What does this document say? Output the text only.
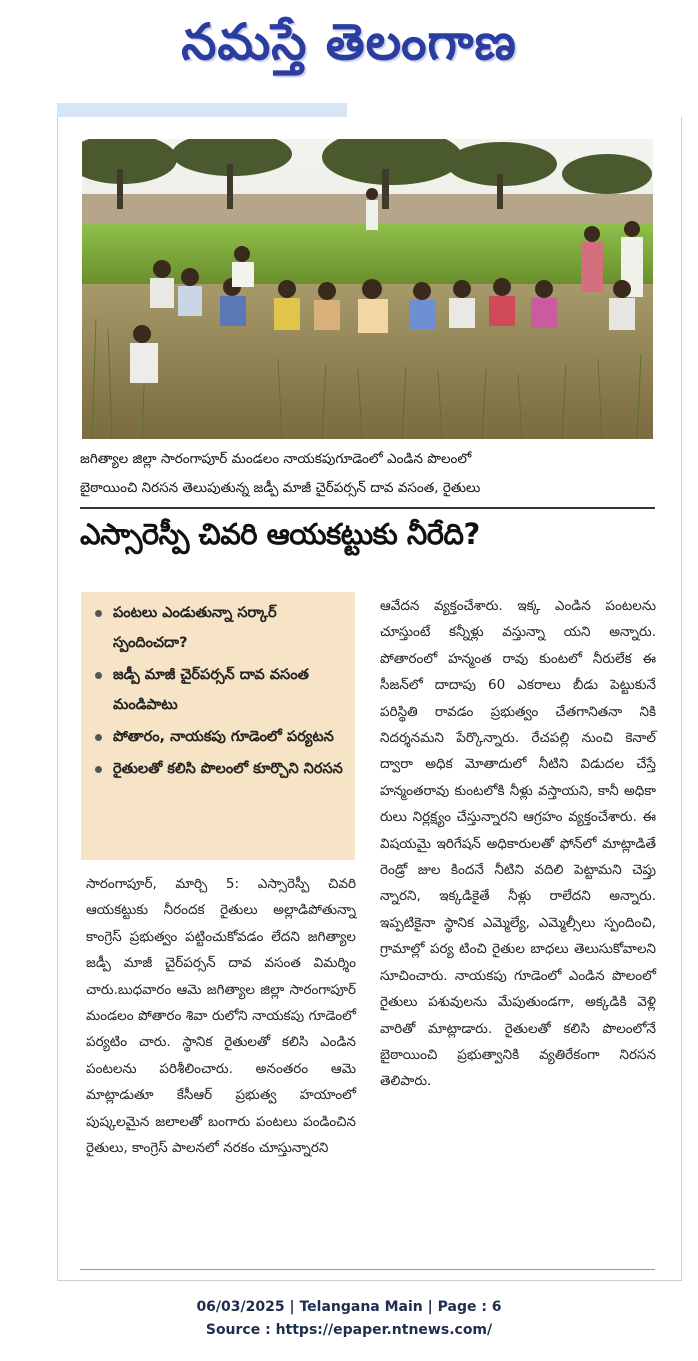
నమస్తే తెలంగాణ
జగిత్యాల జిల్లా సారంగాపూర్ మండలం నాయకపుగూడెంలో ఎండిన పొలంలో
బైఠాయించి నిరసన తెలుపుతున్న జడ్పీ మాజీ చైర్‌పర్సన్ దావ వసంత, రైతులు
ఎస్సారెస్పీ చివరి ఆయకట్టుకు నీరేది?
పంటలు ఎండుతున్నా సర్కార్ స్పందించదా?
జడ్పీ మాజీ చైర్‌పర్సన్ దావ వసంత మండిపాటు
పోతారం, నాయకపు గూడెంలో పర్యటన
రైతులతో కలిసి పొలంలో కూర్చొని నిరసన
సారంగాపూర్, మార్చి 5: ఎస్సారెస్పీ చివరి ఆయకట్టుకు నీరందక రైతులు అల్లాడిపోతున్నా కాంగ్రెస్ ప్రభుత్వం పట్టించుకోవడం లేదని జగిత్యాల జడ్పీ మాజీ చైర్‌పర్సన్ దావ వసంత విమర్శిం చారు.బుధవారం ఆమె జగిత్యాల జిల్లా సారంగాపూర్ మండలం పోతారం శివా రులోని నాయకపు గూడెంలో పర్యటిం చారు. స్థానిక రైతులతో కలిసి ఎండిన పంటలను పరిశీలించారు. అనంతరం ఆమె మాట్లాడుతూ కేసీఆర్ ప్రభుత్వ హయాంలో పుష్కలమైన జలాలతో బంగారు పంటలు పండించిన రైతులు, కాంగ్రెస్ పాలనలో నరకం చూస్తున్నారని
ఆవేదన వ్యక్తంచేశారు. ఇక్క ఎండిన పంటలను చూస్తుంటే కన్నీళ్లు వస్తున్నా యని అన్నారు. పోతారంలో హన్మంత రావు కుంటలో నీరులేక ఈ సీజన్‌లో దాదాపు 60 ఎకరాలు బీడు పెట్టుకునే పరిస్థితి రావడం ప్రభుత్వం చేతగానితనా నికి నిదర్శనమని పేర్కొన్నారు. రేచపల్లి నుంచి కెనాల్ ద్వారా అధిక మోతాదులో నీటిని విడుదల చేస్తే హన్మంతరావు కుంటలోకి నీళ్లు వస్తాయని, కానీ అధికా రులు నిర్లక్ష్యం చేస్తున్నారని ఆగ్రహం వ్యక్తంచేశారు. ఈ విషయమై ఇరిగేషన్ అధికారులతో ఫోన్‌లో మాట్లాడితే రెండ్రో జుల కిందనే నీటిని వదిలి పెట్టామని చెప్తు న్నారని, ఇక్కడికైతే నీళ్లు రాలేదని అన్నారు. ఇప్పటికైనా స్థానిక ఎమ్మెల్యే, ఎమ్మెల్సీలు స్పందించి, గ్రామాల్లో పర్య టించి రైతుల బాధలు తెలుసుకోవాలని సూచించారు. నాయకపు గూడెంలో ఎండిన పొలంలో రైతులు పశువులను మేపుతుండగా, అక్కడికి వెళ్లి వారితో మాట్లాడారు. రైతులతో కలిసి పొలంలోనే బైఠాయించి ప్రభుత్వానికి వ్యతిరేకంగా నిరసన తెలిపారు.
06/03/2025 | Telangana Main | Page : 6
Source : https://epaper.ntnews.com/
